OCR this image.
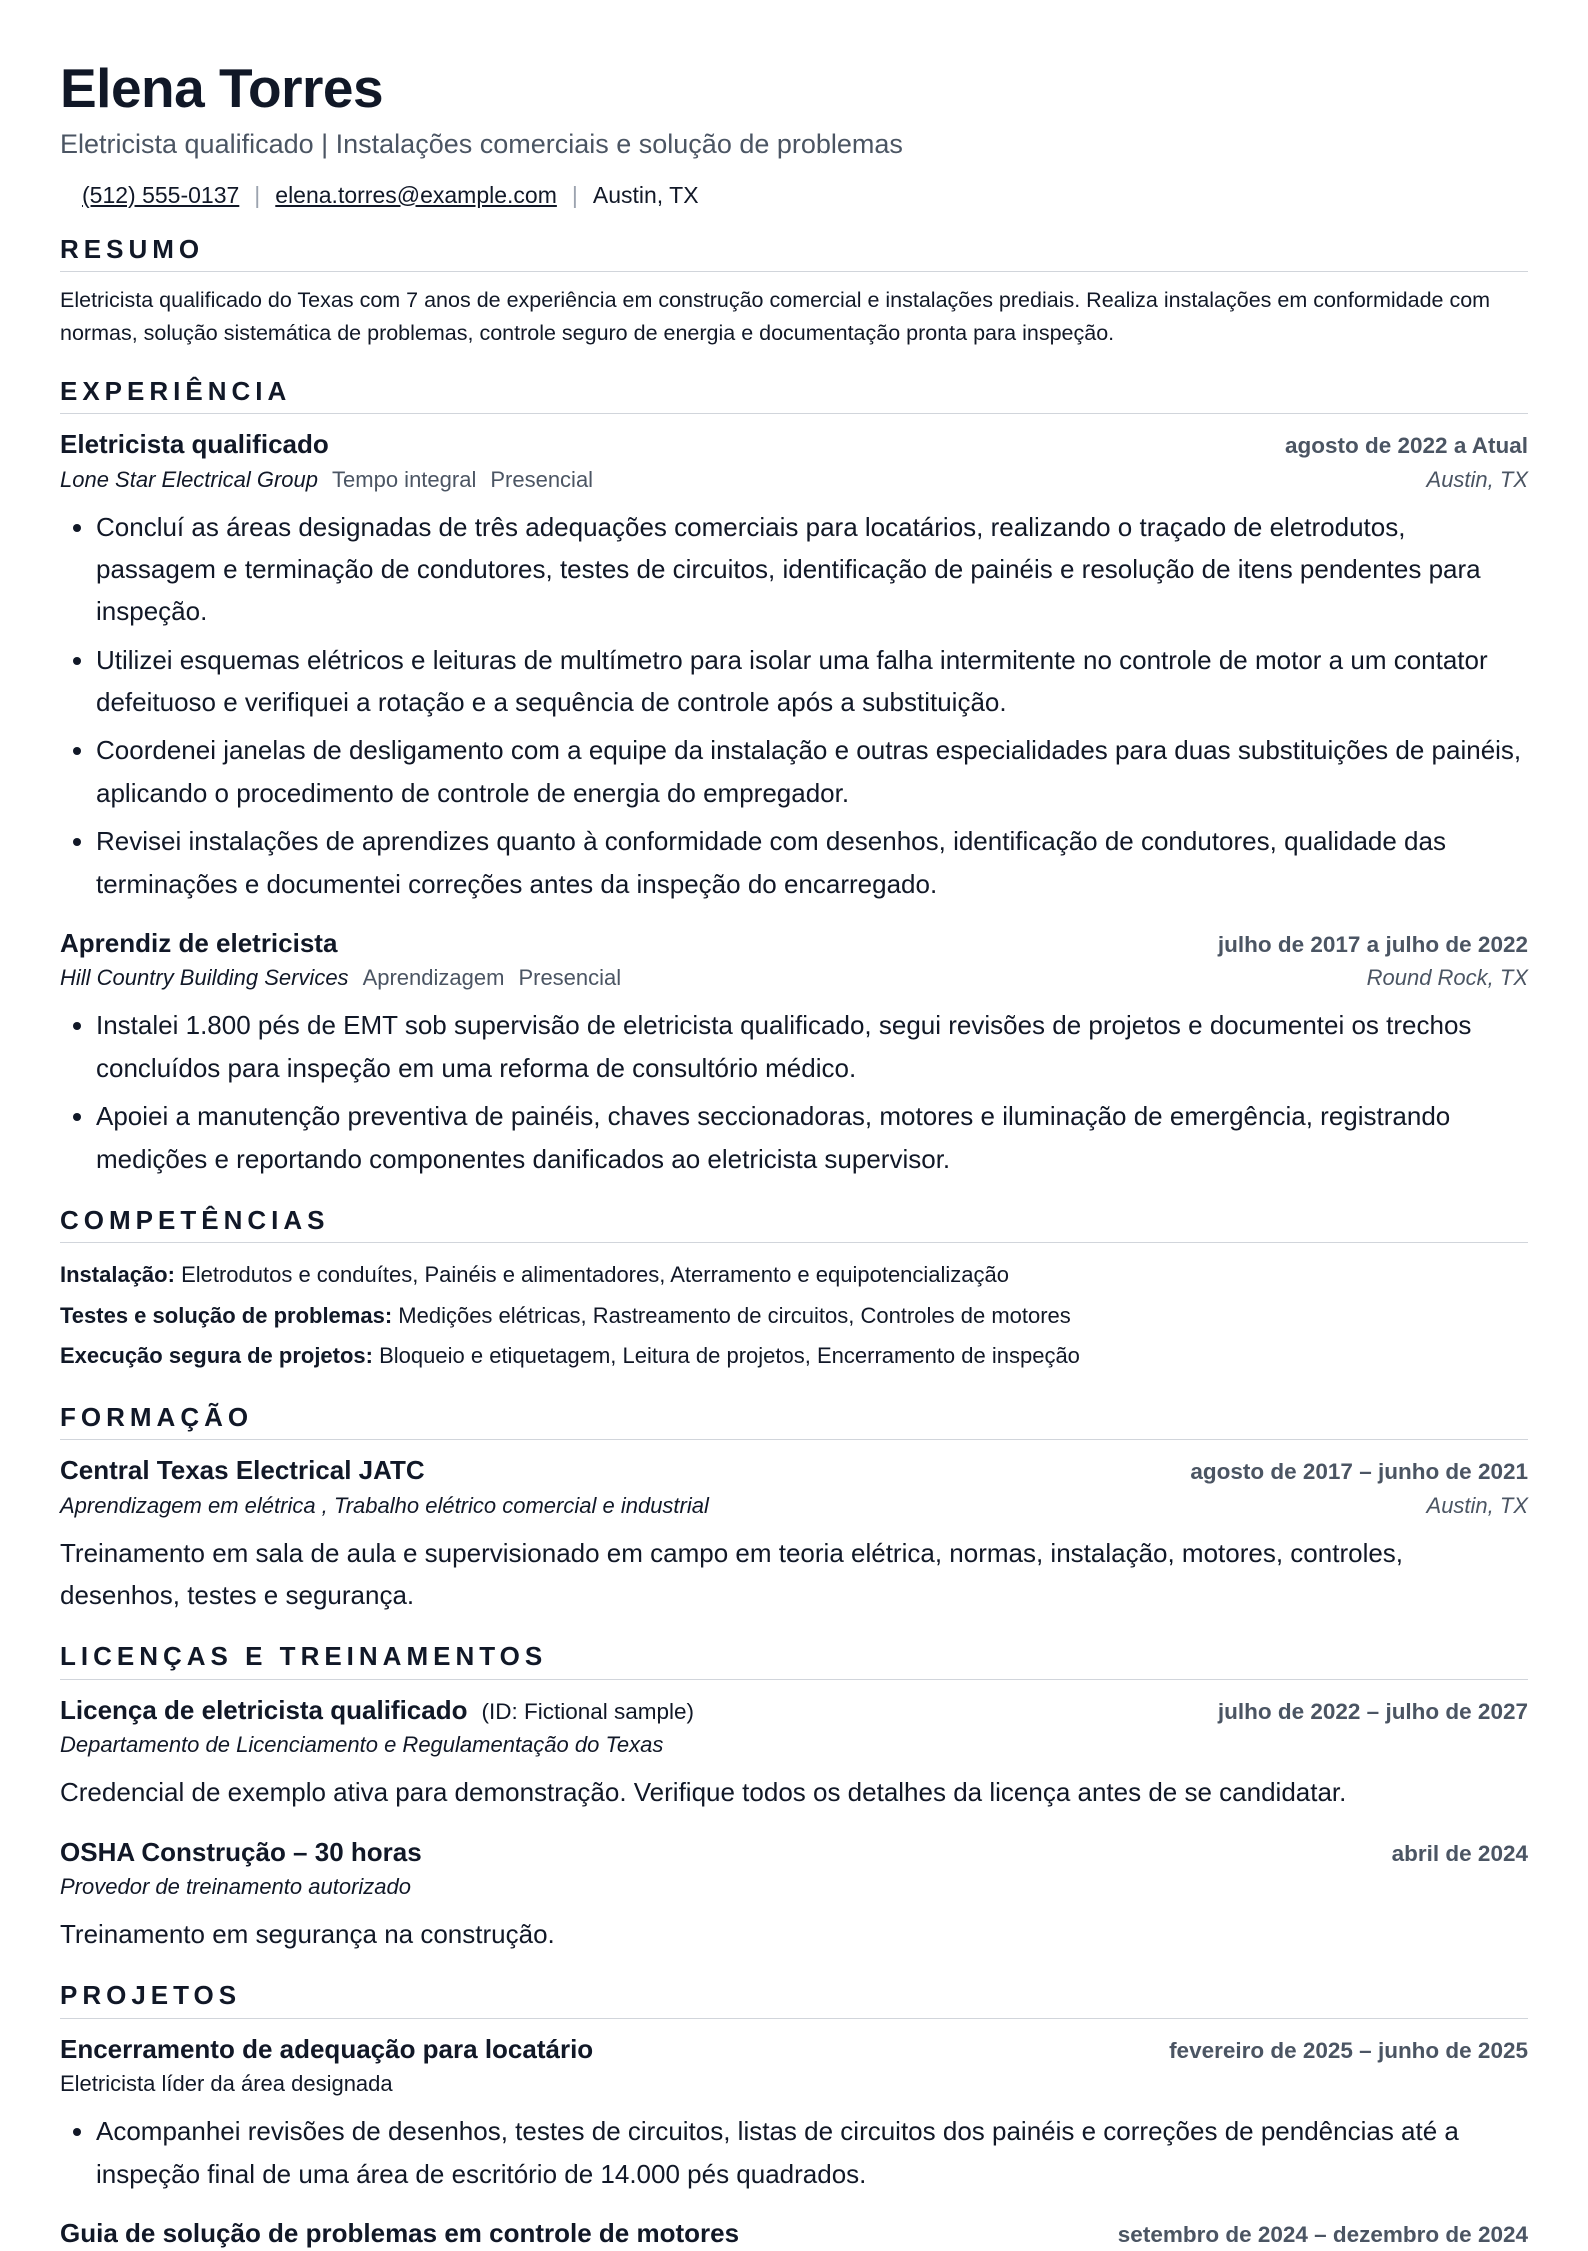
Elena Torres
Eletricista qualificado | Instalações comerciais e solução de problemas
(512) 555-0137 | elena.torres@example.com | Austin, TX
RESUMO
Eletricista qualificado do Texas com 7 anos de experiência em construção comercial e instalações prediais. Realiza instalações em conformidade com normas, solução sistemática de problemas, controle seguro de energia e documentação pronta para inspeção.
EXPERIÊNCIA
Eletricista qualificado	agosto de 2022 a Atual
Lone Star Electrical Group Tempo integral Presencial	Austin, TX
• Concluí as áreas designadas de três adequações comerciais para locatários, realizando o traçado de eletrodutos, passagem e terminação de condutores, testes de circuitos, identificação de painéis e resolução de itens pendentes para inspeção.
• Utilizei esquemas elétricos e leituras de multímetro para isolar uma falha intermitente no controle de motor a um contator defeituoso e verifiquei a rotação e a sequência de controle após a substituição.
• Coordenei janelas de desligamento com a equipe da instalação e outras especialidades para duas substituições de painéis, aplicando o procedimento de controle de energia do empregador.
• Revisei instalações de aprendizes quanto à conformidade com desenhos, identificação de condutores, qualidade das terminações e documentei correções antes da inspeção do encarregado.
Aprendiz de eletricista	julho de 2017 a julho de 2022
Hill Country Building Services Aprendizagem Presencial	Round Rock, TX
• Instalei 1.800 pés de EMT sob supervisão de eletricista qualificado, segui revisões de projetos e documentei os trechos concluídos para inspeção em uma reforma de consultório médico.
• Apoiei a manutenção preventiva de painéis, chaves seccionadoras, motores e iluminação de emergência, registrando medições e reportando componentes danificados ao eletricista supervisor.
COMPETÊNCIAS
Instalação: Eletrodutos e conduítes, Painéis e alimentadores, Aterramento e equipotencialização
Testes e solução de problemas: Medições elétricas, Rastreamento de circuitos, Controles de motores
Execução segura de projetos: Bloqueio e etiquetagem, Leitura de projetos, Encerramento de inspeção
FORMAÇÃO
Central Texas Electrical JATC	agosto de 2017 – junho de 2021
Aprendizagem em elétrica , Trabalho elétrico comercial e industrial	Austin, TX
Treinamento em sala de aula e supervisionado em campo em teoria elétrica, normas, instalação, motores, controles, desenhos, testes e segurança.
LICENÇAS E TREINAMENTOS
Licença de eletricista qualificado (ID: Fictional sample)	julho de 2022 – julho de 2027
Departamento de Licenciamento e Regulamentação do Texas
Credencial de exemplo ativa para demonstração. Verifique todos os detalhes da licença antes de se candidatar.
OSHA Construção – 30 horas	abril de 2024
Provedor de treinamento autorizado
Treinamento em segurança na construção.
PROJETOS
Encerramento de adequação para locatário	fevereiro de 2025 – junho de 2025
Eletricista líder da área designada
• Acompanhei revisões de desenhos, testes de circuitos, listas de circuitos dos painéis e correções de pendências até a inspeção final de uma área de escritório de 14.000 pés quadrados.
Guia de solução de problemas em controle de motores	setembro de 2024 – dezembro de 2024
